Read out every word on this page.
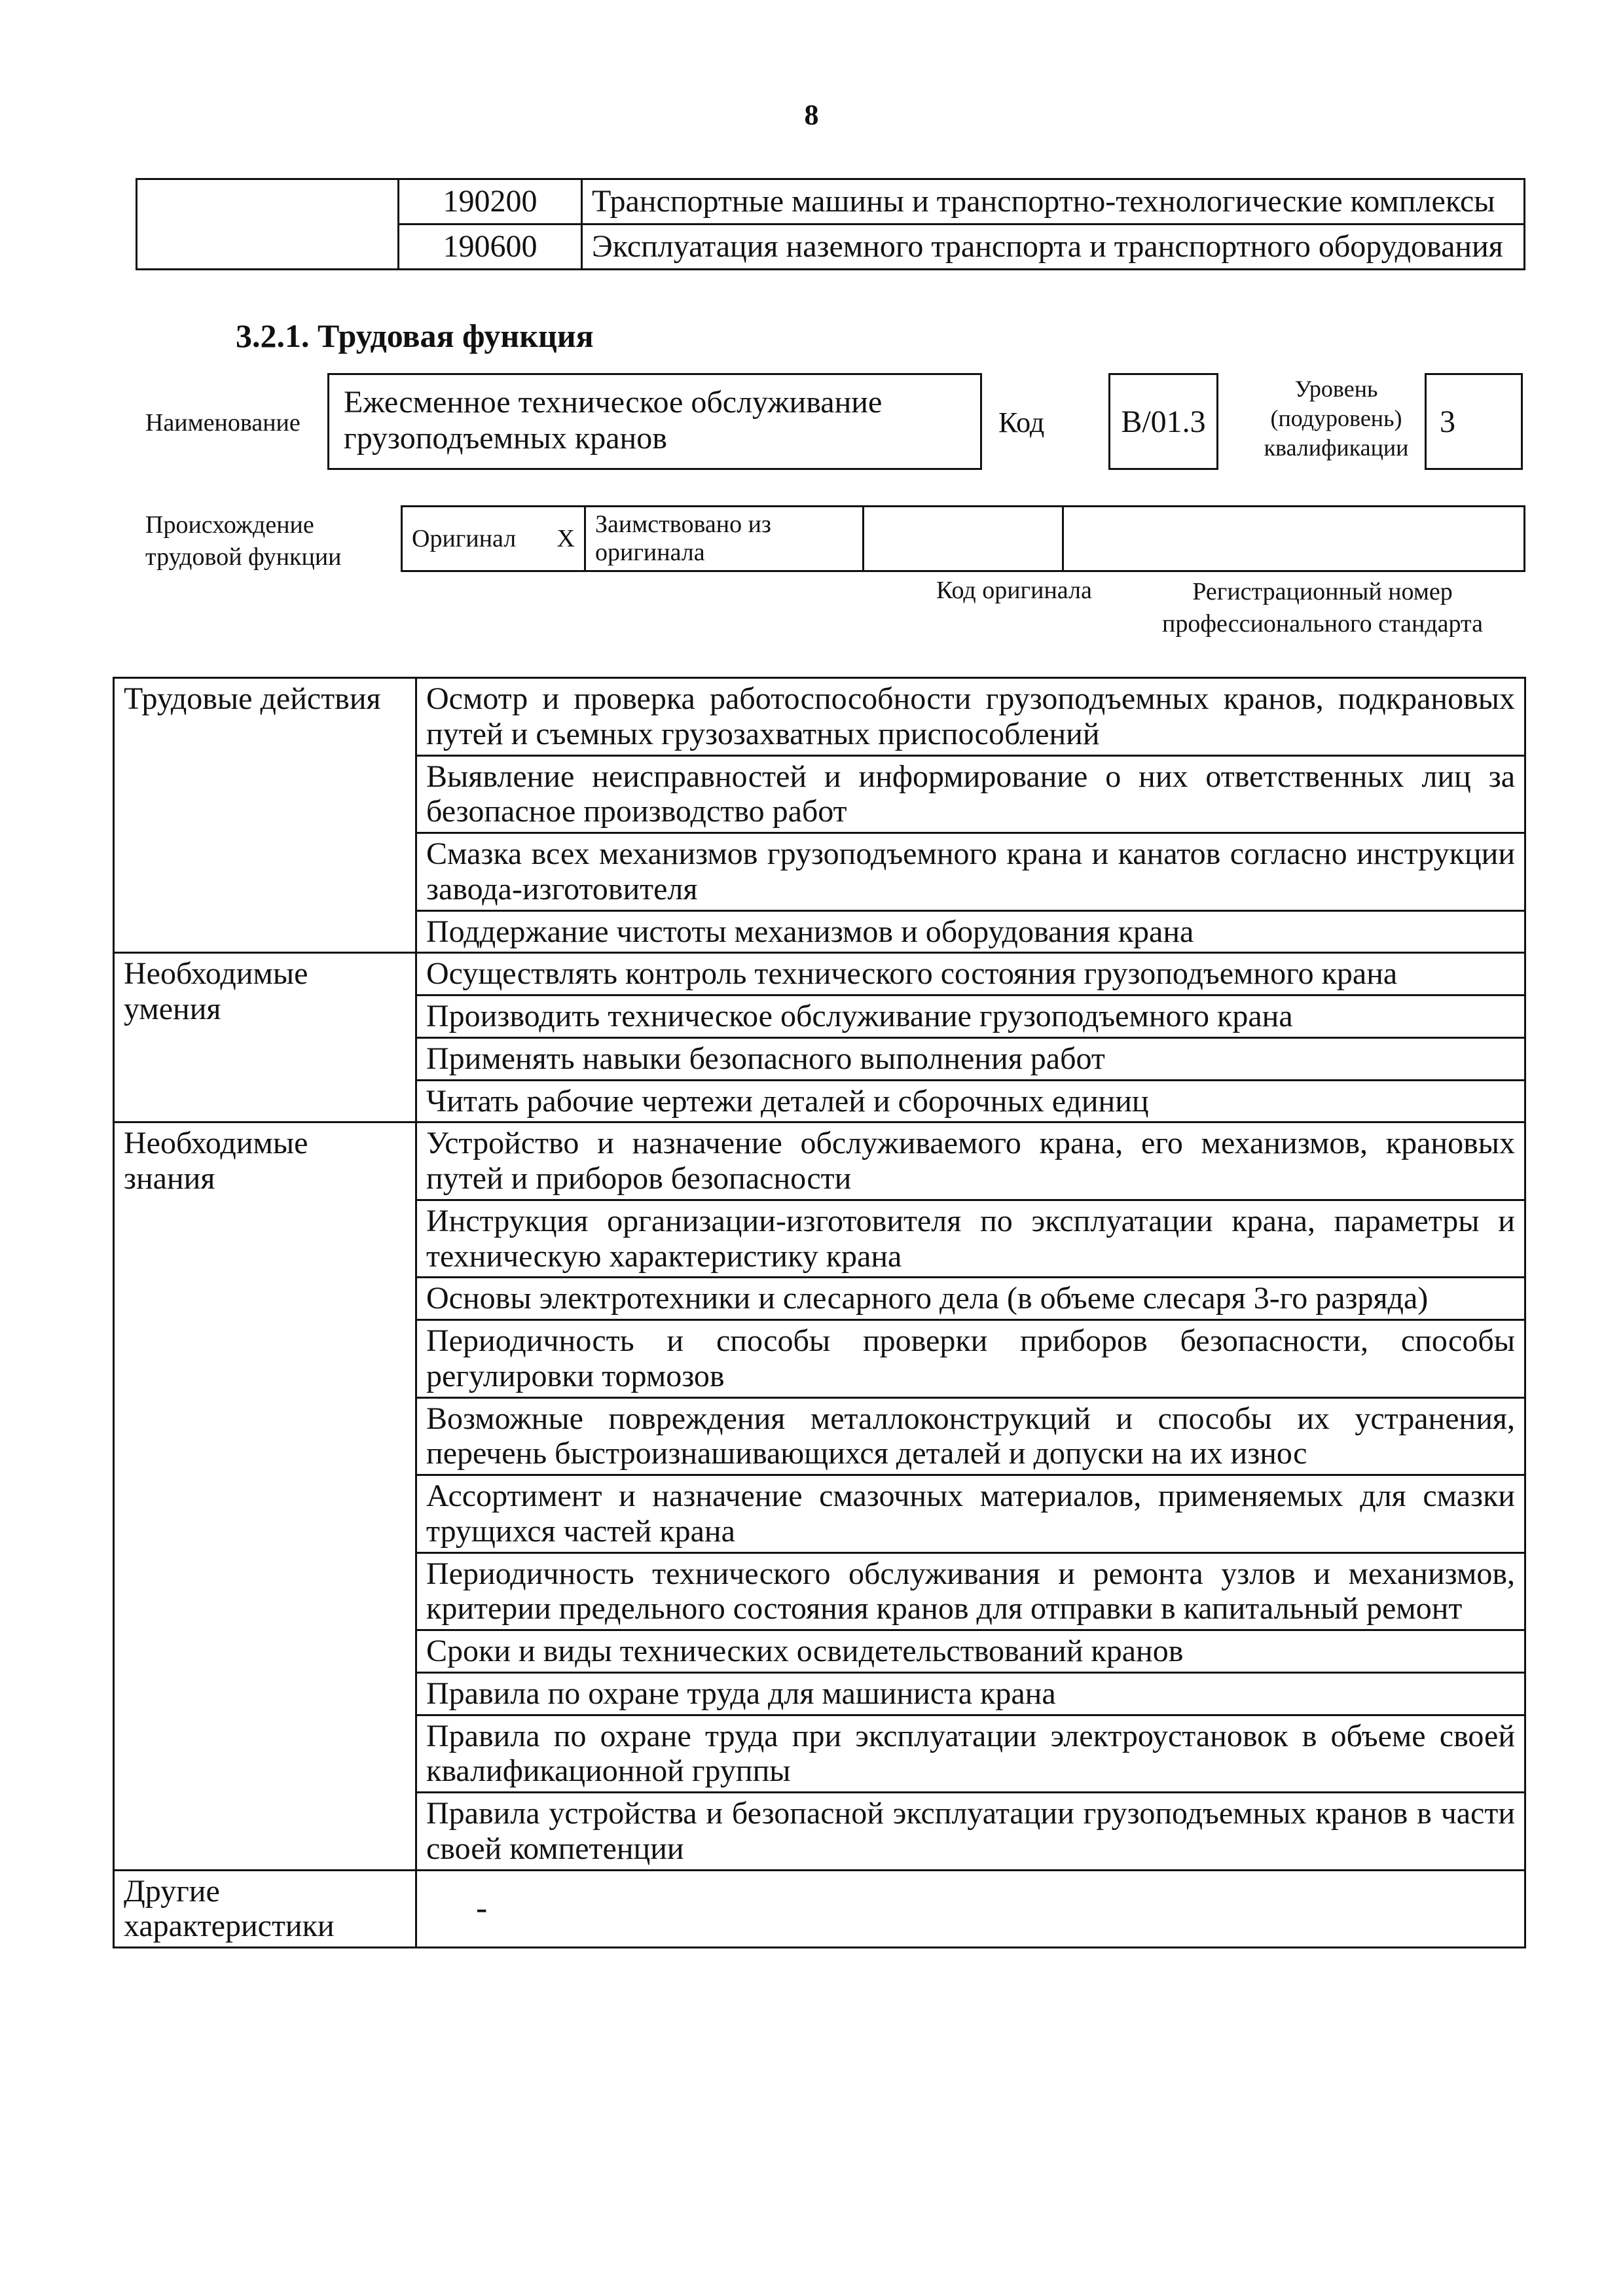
8
	190200	Транспортные машины и транспортно-технологические комплексы
	190600	Эксплуатация наземного транспорта и транспортного оборудования
3.2.1. Трудовая функция
Наименование
Ежесменное техническое обслуживание грузоподъемных кранов	Код	B/01.3
Уровень (подуровень) квалификации
3
Происхождение трудовой функции
Оригинал	X	Заимствовано из оригинала		
Код оригинала	Регистрационный номер профессионального стандарта
Трудовые действия	Осмотр и проверка работоспособности грузоподъемных кранов, подкрановых путей и съемных грузозахватных приспособлений
	Выявление неисправностей и информирование о них ответственных лиц за безопасное производство работ
	Смазка всех механизмов грузоподъемного крана и канатов согласно инструкции завода-изготовителя
	Поддержание чистоты механизмов и оборудования крана
Необходимые умения	Осуществлять контроль технического состояния грузоподъемного крана
	Производить техническое обслуживание грузоподъемного крана
	Применять навыки безопасного выполнения работ
	Читать рабочие чертежи деталей и сборочных единиц
Необходимые знания	Устройство и назначение обслуживаемого крана, его механизмов, крановых путей и приборов безопасности
	Инструкция организации-изготовителя по эксплуатации крана, параметры и техническую характеристику крана
	Основы электротехники и слесарного дела (в объеме слесаря 3-го разряда)
	Периодичность и способы проверки приборов безопасности, способы регулировки тормозов
	Возможные повреждения металлоконструкций и способы их устранения, перечень быстроизнашивающихся деталей и допуски на их износ
	Ассортимент и назначение смазочных материалов, применяемых для смазки трущихся частей крана
	Периодичность технического обслуживания и ремонта узлов и механизмов, критерии предельного состояния кранов для отправки в капитальный ремонт
	Сроки и виды технических освидетельствований кранов
	Правила по охране труда для машиниста крана
	Правила по охране труда при эксплуатации электроустановок в объеме своей квалификационной группы
	Правила устройства и безопасной эксплуатации грузоподъемных кранов в части своей компетенции
Другие характеристики	-
